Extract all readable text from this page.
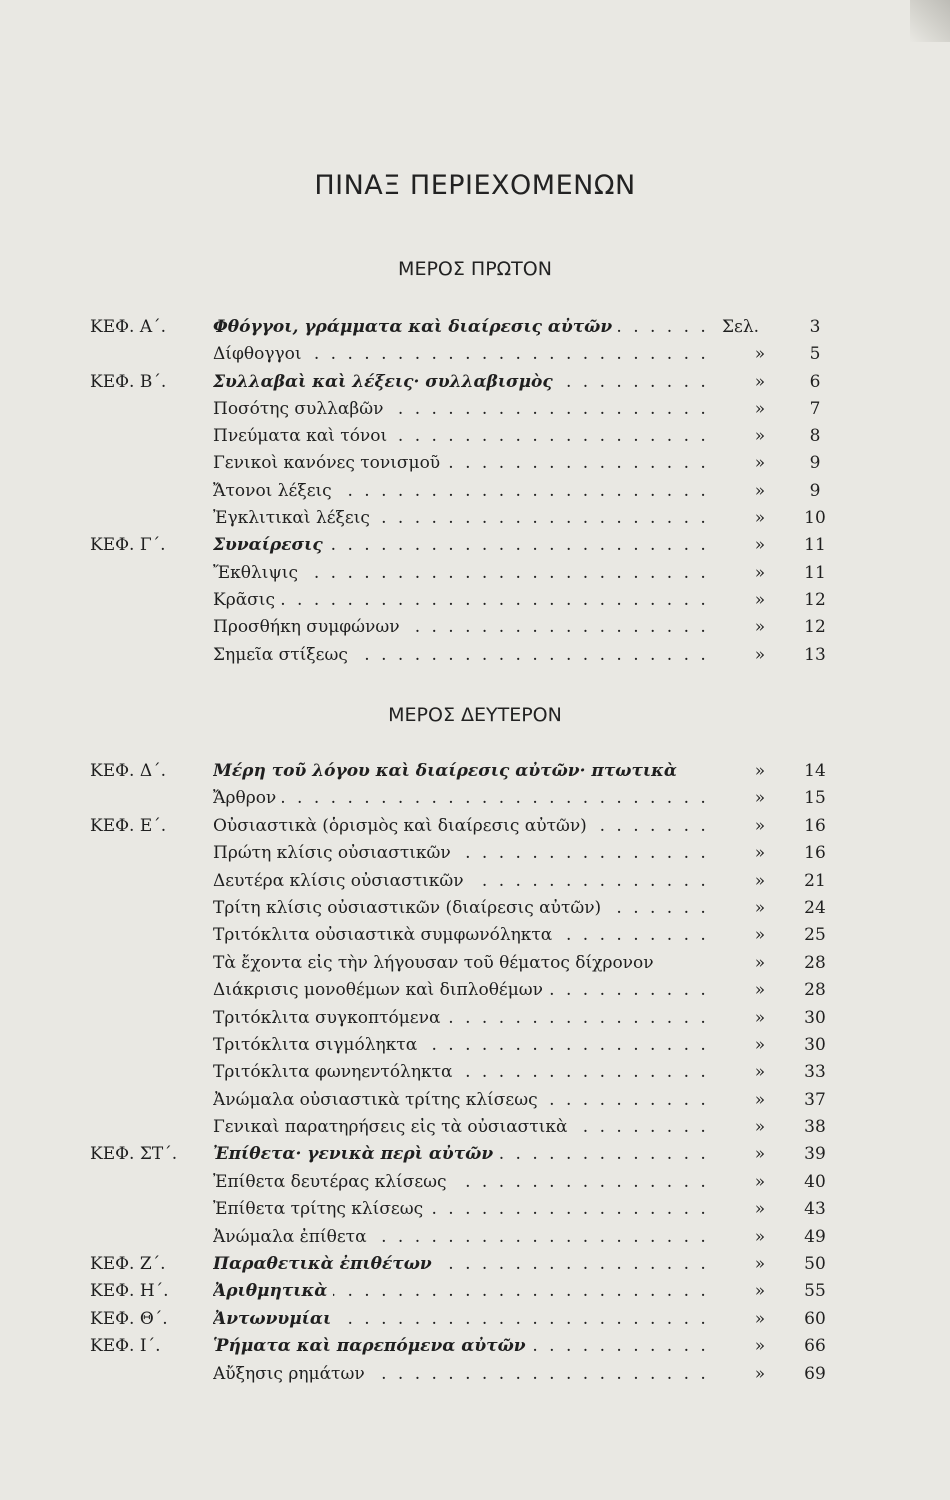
ΠΙΝΑΞ ΠΕΡΙΕΧΟΜΕΝΩΝ
ΜΕΡΟΣ ΠΡΩΤΟΝ
ΚΕΦ. Α΄.	Φθόγγοι, γράμματα καὶ διαίρεσις αὐτῶν . . .	Σελ.	3
Δίφθογγοι . . .	»	5
ΚΕΦ. Β΄.	Συλλαβαὶ καὶ λέξεις· συλλαβισμὸς . . .	»	6
Ποσότης συλλαβῶν . . .	»	7
Πνεύματα καὶ τόνοι . . .	»	8
Γενικοὶ κανόνες τονισμοῦ . . .	»	9
Ἄτονοι λέξεις . . .	»	9
Ἐγκλιτικαὶ λέξεις . . .	»	10
ΚΕΦ. Γ΄.	Συναίρεσις . . .	»	11
Ἔκθλιψις . . .	»	11
Κρᾶσις . . .	»	12
Προσθήκη συμφώνων . . .	»	12
Σημεῖα στίξεως . . .	»	13
ΜΕΡΟΣ ΔΕΥΤΕΡΟΝ
ΚΕΦ. Δ΄.	Μέρη τοῦ λόγου καὶ διαίρεσις αὐτῶν· πτωτικὰ	»	14
Ἄρθρον . . .	»	15
ΚΕΦ. Ε΄.	Οὐσιαστικὰ (ὁρισμὸς καὶ διαίρεσις αὐτῶν) . . .	»	16
Πρώτη κλίσις οὐσιαστικῶν . . .	»	16
Δευτέρα κλίσις οὐσιαστικῶν . . .	»	21
Τρίτη κλίσις οὐσιαστικῶν (διαίρεσις αὐτῶν) . . .	»	24
Τριτόκλιτα οὐσιαστικὰ συμφωνόληκτα . . .	»	25
Τὰ ἔχοντα εἰς τὴν λήγουσαν τοῦ θέματος δίχρονον	»	28
Διάκρισις μονοθέμων καὶ διπλοθέμων . . .	»	28
Τριτόκλιτα συγκοπτόμενα . . .	»	30
Τριτόκλιτα σιγμόληκτα . . .	»	30
Τριτόκλιτα φωνηεντόληκτα . . .	»	33
Ἀνώμαλα οὐσιαστικὰ τρίτης κλίσεως . . .	»	37
Γενικαὶ παρατηρήσεις εἰς τὰ οὐσιαστικὰ . . .	»	38
ΚΕΦ. ΣΤ΄. Ἐπίθετα· γενικὰ περὶ αὐτῶν . . .	»	39
Ἐπίθετα δευτέρας κλίσεως . . .	»	40
Ἐπίθετα τρίτης κλίσεως . . .	»	43
Ἀνώμαλα ἐπίθετα . . .	»	49
ΚΕΦ. Ζ΄.	Παραθετικὰ ἐπιθέτων . . .	»	50
ΚΕΦ. Η΄.	Ἀριθμητικὰ . . .	»	55
ΚΕΦ. Θ΄.	Ἀντωνυμίαι . . .	»	60
ΚΕΦ. Ι΄.	Ῥήματα καὶ παρεπόμενα αὐτῶν . . .	»	66
Αὔξησις ρημάτων . . .	»	69
